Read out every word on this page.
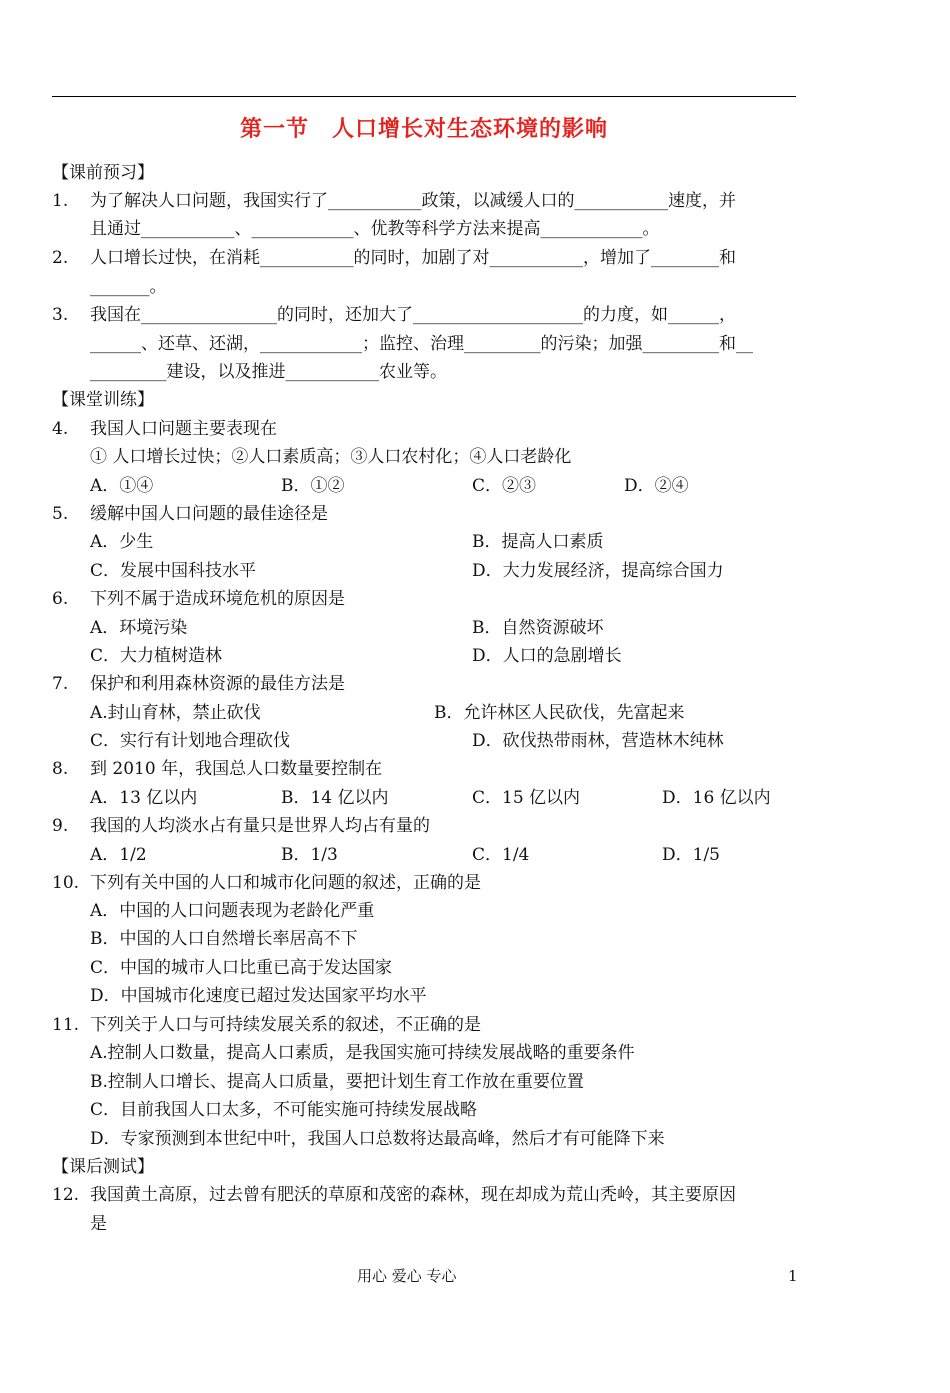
第一节　人口增长对生态环境的影响
【课前预习】
1. 为了解决人口问题，我国实行了___________政策，以减缓人口的___________速度，并
且通过___________、____________、优教等科学方法来提高____________。
2. 人口增长过快，在消耗___________的同时，加剧了对___________，增加了________和
_______。
3. 我国在________________的同时，还加大了____________________的力度，如______，
______、还草、还湖，____________；监控、治理_________的污染；加强_________和__
_________建设，以及推进___________农业等。
【课堂训练】
4. 我国人口问题主要表现在
① 人口增长过快；②人口素质高；③人口农村化；④人口老龄化
A．①④	B．①②	C．②③	D．②④
5. 缓解中国人口问题的最佳途径是
A．少生	B．提高人口素质
C．发展中国科技水平	D．大力发展经济，提高综合国力
6. 下列不属于造成环境危机的原因是
A．环境污染	B．自然资源破坏
C．大力植树造林	D．人口的急剧增长
7. 保护和利用森林资源的最佳方法是
A.封山育林，禁止砍伐	B．允许林区人民砍伐，先富起来
C．实行有计划地合理砍伐	D．砍伐热带雨林，营造林木纯林
8. 到 2010 年，我国总人口数量要控制在
A．13 亿以内	B．14 亿以内	C．15 亿以内	D．16 亿以内
9. 我国的人均淡水占有量只是世界人均占有量的
A．1/2	B．1/3	C．1/4	D．1/5
10. 下列有关中国的人口和城市化问题的叙述，正确的是
A．中国的人口问题表现为老龄化严重
B．中国的人口自然增长率居高不下
C．中国的城市人口比重已高于发达国家
D．中国城市化速度已超过发达国家平均水平
11. 下列关于人口与可持续发展关系的叙述，不正确的是
A.控制人口数量，提高人口素质，是我国实施可持续发展战略的重要条件
B.控制人口增长、提高人口质量，要把计划生育工作放在重要位置
C．目前我国人口太多，不可能实施可持续发展战略
D．专家预测到本世纪中叶，我国人口总数将达最高峰，然后才有可能降下来
【课后测试】
12. 我国黄土高原，过去曾有肥沃的草原和茂密的森林，现在却成为荒山秃岭，其主要原因
是
用心 爱心 专心	1
